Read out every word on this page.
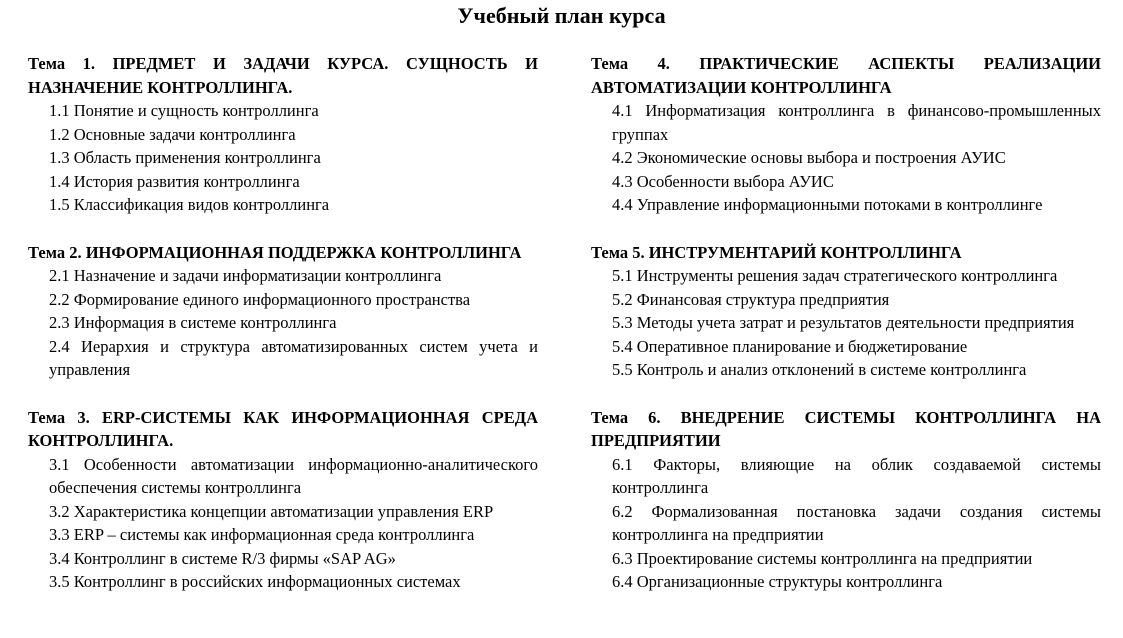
Учебный план курса
Тема 1. ПРЕДМЕТ И ЗАДАЧИ КУРСА. СУЩНОСТЬ И НАЗНАЧЕНИЕ КОНТРОЛЛИНГА.
1.1 Понятие и сущность контроллинга
1.2 Основные задачи контроллинга
1.3 Область применения контроллинга
1.4 История развития контроллинга
1.5 Классификация видов контроллинга
Тема 2. ИНФОРМАЦИОННАЯ ПОДДЕРЖКА КОНТРОЛЛИНГА
2.1 Назначение и задачи информатизации контроллинга
2.2 Формирование единого информационного пространства
2.3 Информация в системе контроллинга
2.4 Иерархия и структура автоматизированных систем учета и управления
Тема 3. ERP-СИСТЕМЫ КАК ИНФОРМАЦИОННАЯ СРЕДА КОНТРОЛЛИНГА.
3.1 Особенности автоматизации информационно-аналитического обеспечения системы контроллинга
3.2 Характеристика концепции автоматизации управления ERP
3.3 ERP – системы как информационная среда контроллинга
3.4 Контроллинг в системе R/3 фирмы «SAP AG»
3.5 Контроллинг в российских информационных системах
Тема 4. ПРАКТИЧЕСКИЕ АСПЕКТЫ РЕАЛИЗАЦИИ АВТОМАТИЗАЦИИ КОНТРОЛЛИНГА
4.1 Информатизация контроллинга в финансово-промышленных группах
4.2 Экономические основы выбора и построения АУИС
4.3 Особенности выбора АУИС
4.4 Управление информационными потоками в контроллинге
Тема 5. ИНСТРУМЕНТАРИЙ КОНТРОЛЛИНГА
5.1 Инструменты решения задач стратегического контроллинга
5.2 Финансовая структура предприятия
5.3 Методы учета затрат и результатов деятельности предприятия
5.4 Оперативное планирование и бюджетирование
5.5 Контроль и анализ отклонений в системе контроллинга
Тема 6. ВНЕДРЕНИЕ СИСТЕМЫ КОНТРОЛЛИНГА НА ПРЕДПРИЯТИИ
6.1 Факторы, влияющие на облик создаваемой системы контроллинга
6.2 Формализованная постановка задачи создания системы контроллинга на предприятии
6.3 Проектирование системы контроллинга на предприятии
6.4 Организационные структуры контроллинга
